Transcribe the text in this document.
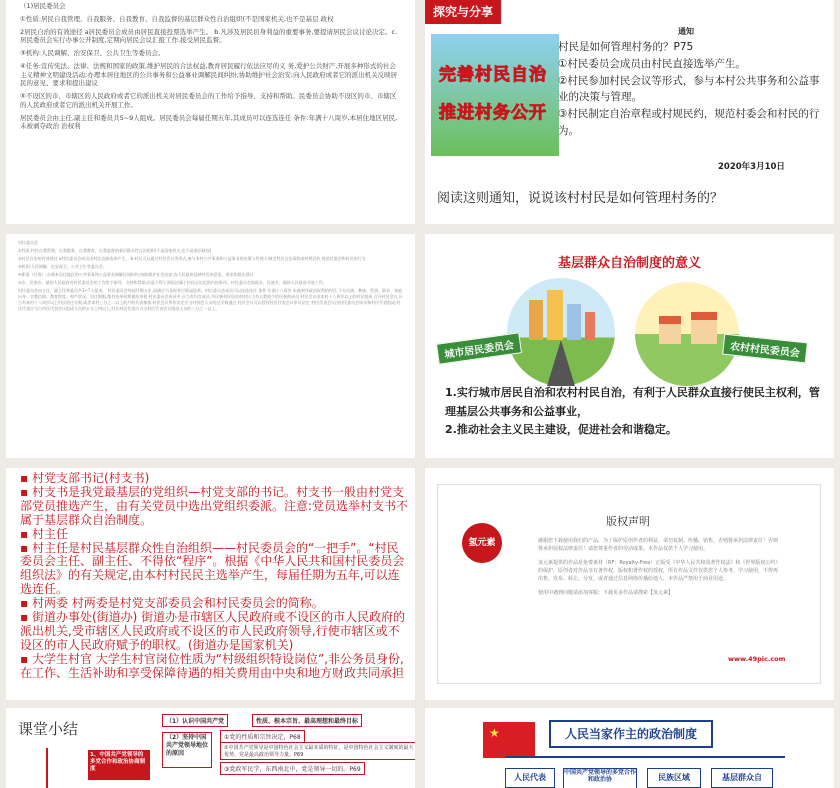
（1)居民委员会

①性质:居民自我管理、自我服务、自我教育、自我监督的基层群众性自治组织(不是国家机关,也不是基层 政权

2居民自治的有效途径 a居民委员会成员由居民直接投票选举产生。 b.凡涉及居民切身利益的重要事务,要提请居民会议讨论决定。c.居民委员会实行办事公开制度,定期向居民会议汇报工作,接受居民监督。

③机构:人民调解、治安保卫、公共卫生等委员会。

④任务:宣传宪法、法律、法规和国家的政策,维护居民的合法权益,教育居民履行依法应尽的义 务,爱护公共财产,开展多种形式的社会主义精神文明建设活动;办理本居住地区的公共事务和公益事业调解民间纠纷;协助维护社会治安;向人民政府或者它的派出机关反映居民的意见、要求和提出建议

⑤不设区的市、市辖区的人民政府或者它的派出机关对居民委员会的工作给予指导、支持和帮助。民委员会协助不设区的市、市辖区的人民政府或者它的派出机关开展工作。

居民委员会由主任,副主任和委员共5~9人组成。居民委员会每届任期五年,其成员可以连选连任 条件:年满十八周岁,本居住地区居民,未被剥夺政治 治权利

探究与分享
完善村民自治
推进村务公开
通知
村民是如何管理村务的？P75
①村民委员会成员由村民直接选举产生。
②村民参加村民会议等形式，参与本村公共事务和公益事业的决策与管理。
③村民制定自治章程或村规民约，规范村委会和村民的行为。
2020年3月10日
阅读这则通知，说说该村村民是如何管理村务的？

村民委员会

①性质:村民自我管理、自我服务、自我教育、自我监督的基层群众性自治组织(不是国家机关,也不是基层政权)

②村民自治的有效途径 a村民委员会成员由村民直接选举产生。 b.村民可以通过村民会议等形式,参与本村公共事务和公益事业的决策与管理 c.制定村民自治章程或村规民约,规范村委会和村民的行为

③机构:人民调解、治安保卫、公共卫生等委员会。

④职务（任务）:办理本居住地区的公共事务和公益事业调解民间纠纷;协助维护社会治安;向人民政府反映村民的意见、要求和提出建议

⑤乡、民族乡、镇的人民政府对村民委员会的工作给予指导、支持和帮助,但是不得干预依法属于村民自治范围内的事项。村民委员会协助乡、民族乡、镇的人民政府开展工作。

村民委员会由主任、副主任和委员共3~7人组成。 村民委员会每届任期五年,届满应当及时举行换届选举。村民委员会成员可以连选连任 条件:年满十八周岁 未被剥夺政治权利的村民,不分民族、种族、性别、职业、家庭出身、宗教信仰、教育程度、财产状况、居住期限,都有选举权和被选举权 村民委员会成员中,应当有妇女成员,多民族村民居住的村应当有人数较少的民族的成员 村民会议由本村十八周岁以上的村民组成 召开村民会议,应当有本村十八周岁以上村民的过半数,或者本村三分之二以上的户的代表参加,村民会议所作决定应当经到会人员的过半数通过 村民会议可以授权村民代表会议审议决定 村民代表会议由村民委员会成员和村民代表组成,村民代表应当占村民代表会议组成人员的五分之四以上,妇女村民代表应当占村民代表会议组成人员的三分之一以上。

基层群众自治制度的意义
城市居民委员会	农村村民委员会
1.实行城市居民自治和农村村民自治，有利于人民群众直接行使民主权利，管理基层公共事务和公益事业，
2.推动社会主义民主建设，促进社会和谐稳定。
▪ 村党支部书记(村支书)
▪ 村支书是我党最基层的党组织—村党支部的书记。村支书一般由村党支部党员推选产生，由有关党员中选出党组织委派。注意:党员选举村支书不属于基层群众自治制度。
▪ 村主任
▪ 村主任是村民基层群众性自治组织——村民委员会的“一把手”。“村民委员会主任、副主任、不得依“程序”。根据《中华人民共和国村民委员会组织法》的有关规定,由本村村民民主选举产生，每届任期为五年,可以连选连任。
▪ 村两委 村两委是村党支部委员会和村民委员会的简称。
▪ 街道办事处(街道办) 街道办是市辖区人民政府或不设区的市人民政府的派出机关,受市辖区人民政府或不设区的市人民政府领导,行使市辖区或不设区的市人民政府赋予的职权。(街道办是国家机关)
▪ 大学生村官 大学生村官岗位性质为“村级组织特设岗位”,非公务员身份,在工作、生活补助和享受保障待遇的相关费用由中央和地方财政共同承担
氢元素
版权声明

感谢您下载使用我们的产品，为了保护原创作者的利益，请勿复制、传播、销售，否则将承担法律责任！否则将承担侵权法律责任！请您尊重作者的劳动成果。本作品仅供个人学习使用。

氢元素提供的作品是免费素材（RF：Royalty-Free）正版受《中华人民共和国著作权法》和《世界版权公约》的保护，原创者对作品享有著作权。版权和著作权的授权，所有作品文件仅供您个人参考、学习使用，不得再出售、发布、转让、分发、或者通过信息网络传播给他人，本作品严禁用于商业用途。

使用中遇到问题请添加客服：下载更多作品请搜索【氢元素】

www.49pic.com
课堂小结
1、中国共产党领导的多党合作和政治协商制度
（1）认识中国共产党	性质、根本宗旨、最高理想和最终目标
（2）坚持中国共产党领导地位的原因
①党的性质和宗旨决定，P68
②中国共产党领导是中国特色社会主义最本质的特征，是中国特色社会主义制度的最大优势。党是最高政治领导力量。P69
③党政军民学，东西南北中，党是领导一切的。P69
★	人民当家作主的政治制度
人民代表
中国共产党领导的多党合作和政治协	民族区域	基层群众自
